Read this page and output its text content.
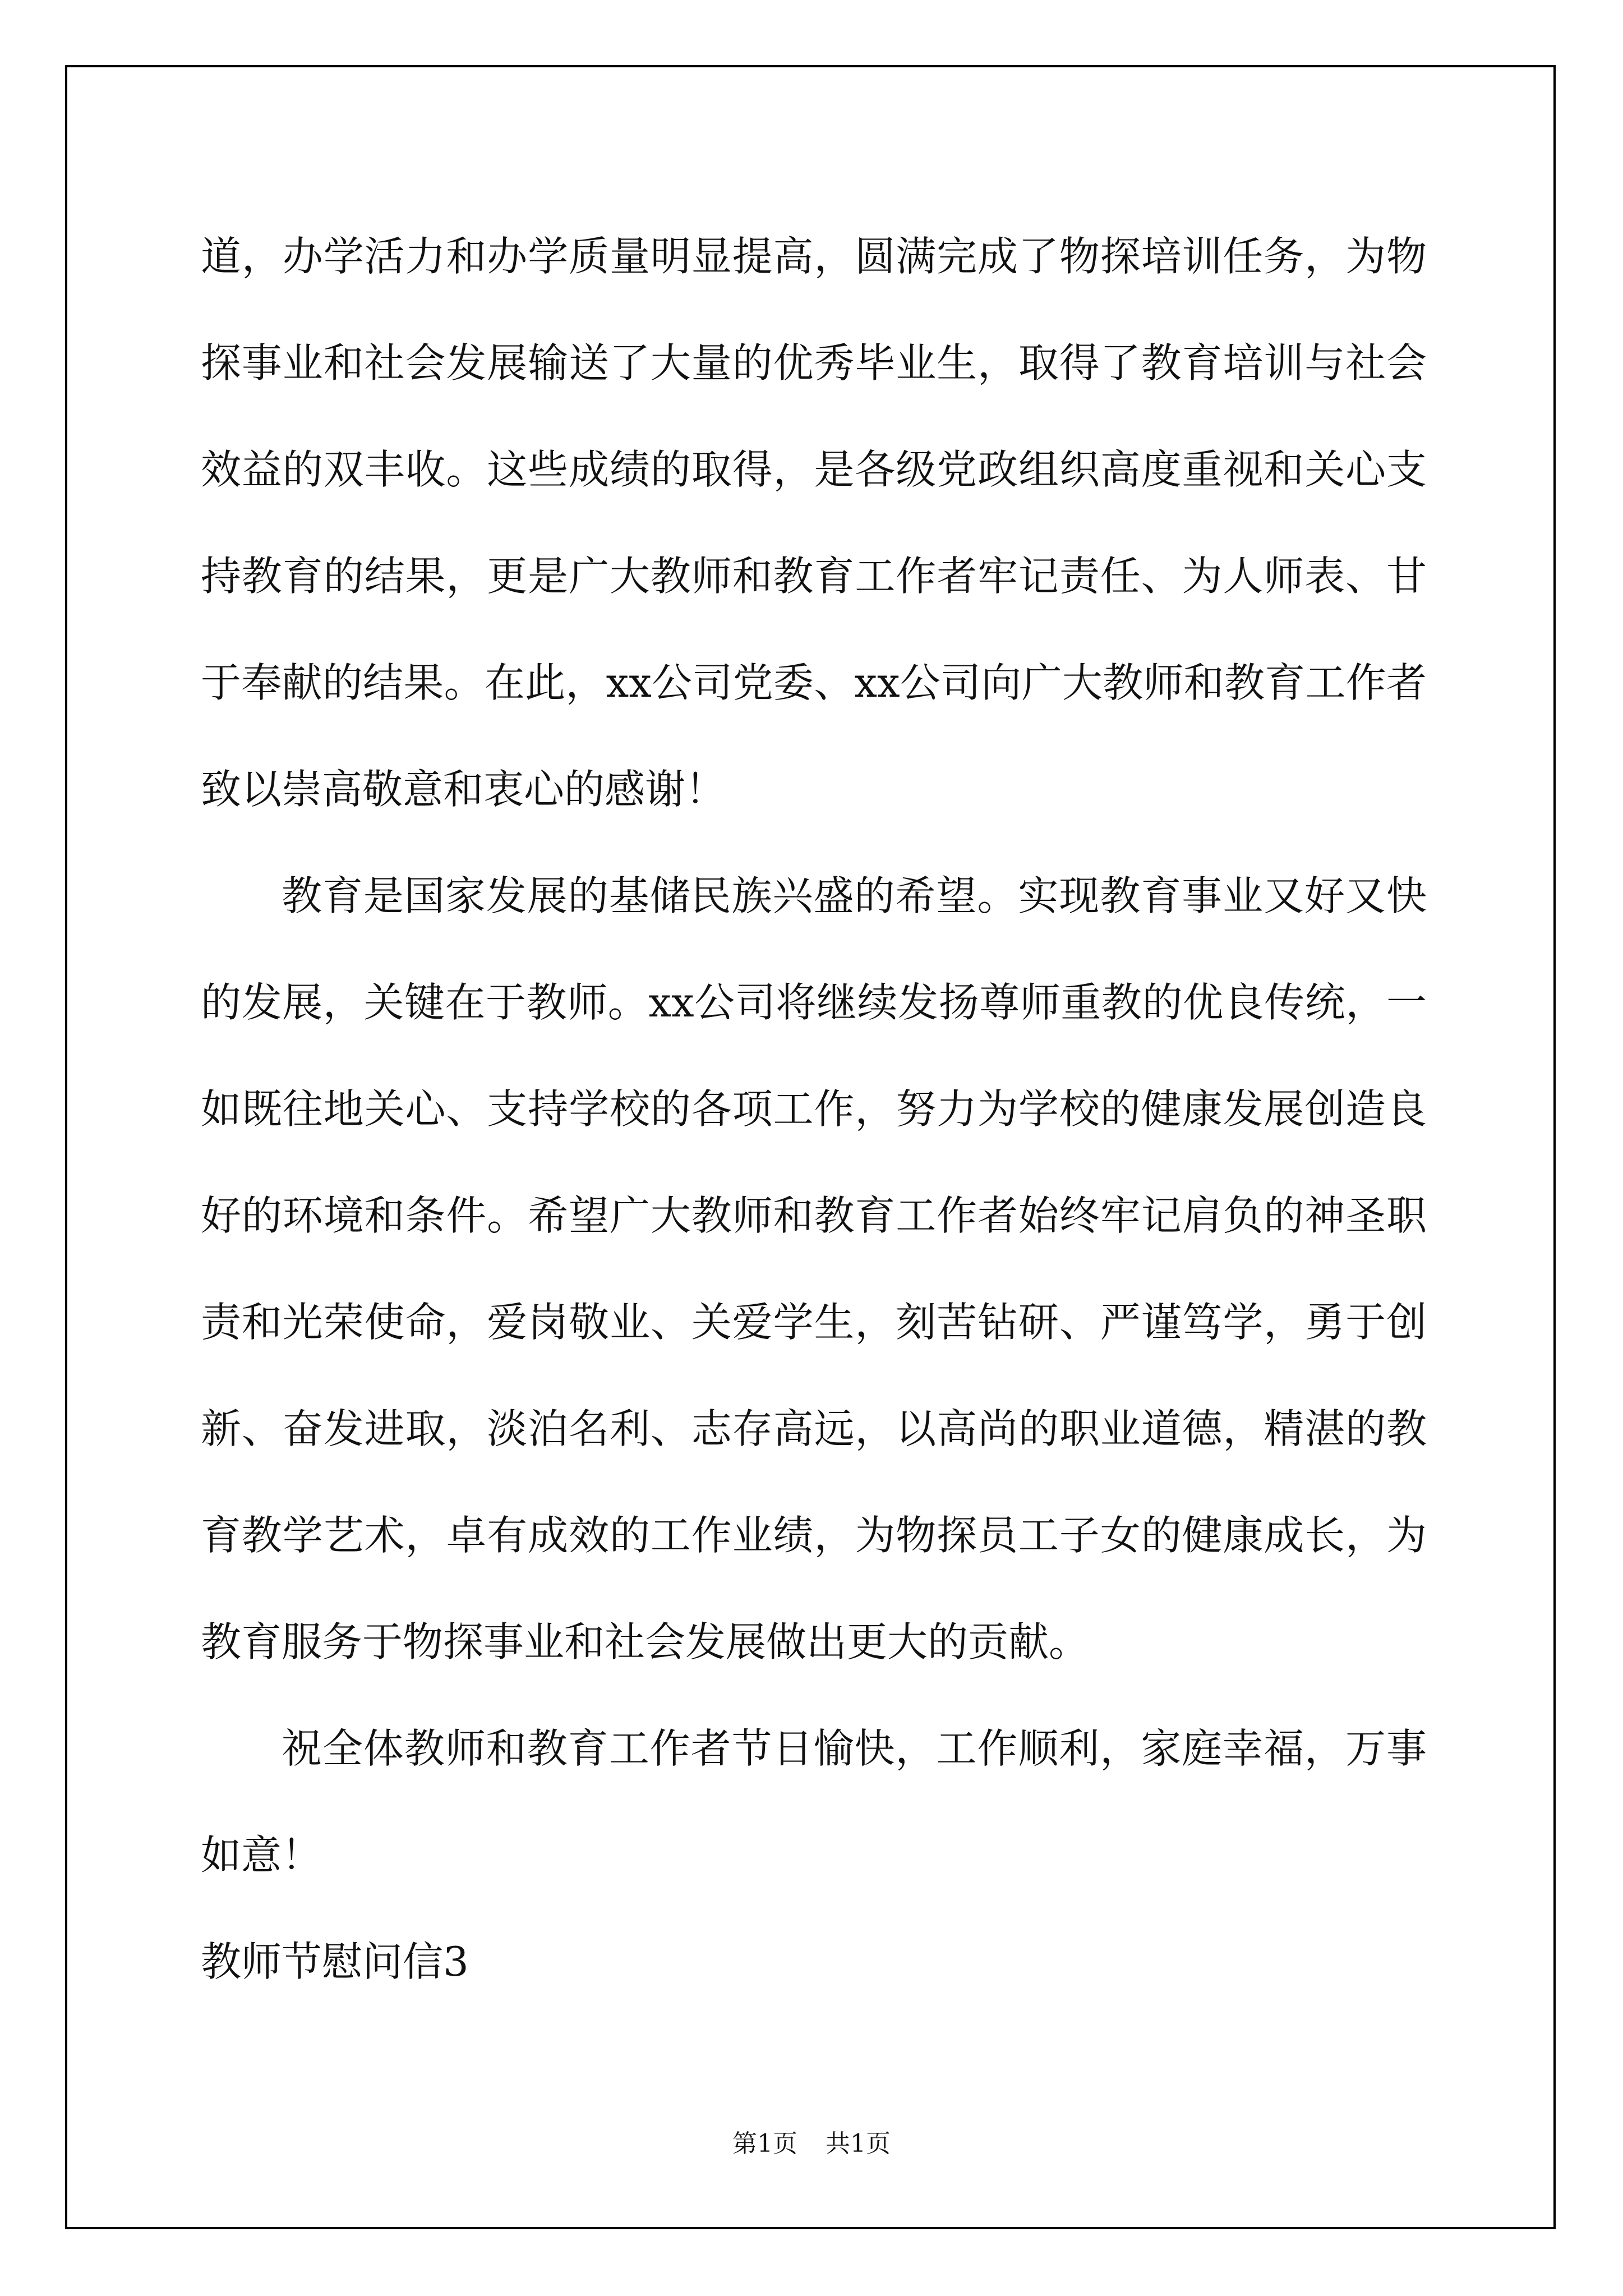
道，办学活力和办学质量明显提高，圆满完成了物探培训任务，为物探事业和社会发展输送了大量的优秀毕业生，取得了教育培训与社会效益的双丰收。这些成绩的取得，是各级党政组织高度重视和关心支持教育的结果，更是广大教师和教育工作者牢记责任、为人师表、甘于奉献的结果。在此，xx公司党委、xx公司向广大教师和教育工作者致以崇高敬意和衷心的感谢！

教育是国家发展的基储民族兴盛的希望。实现教育事业又好又快的发展，关键在于教师。xx公司将继续发扬尊师重教的优良传统，一如既往地关心、支持学校的各项工作，努力为学校的健康发展创造良好的环境和条件。希望广大教师和教育工作者始终牢记肩负的神圣职责和光荣使命，爱岗敬业、关爱学生，刻苦钻研、严谨笃学，勇于创新、奋发进取，淡泊名利、志存高远，以高尚的职业道德，精湛的教育教学艺术，卓有成效的工作业绩，为物探员工子女的健康成长，为教育服务于物探事业和社会发展做出更大的贡献。

祝全体教师和教育工作者节日愉快，工作顺利，家庭幸福，万事如意！

教师节慰问信3

第1页 共1页
